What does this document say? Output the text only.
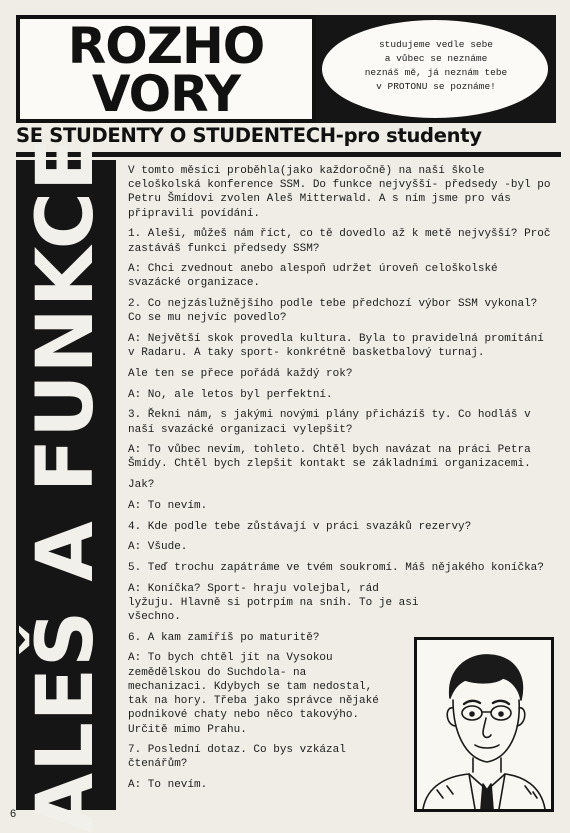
ROZHO
VORY
studujeme vedle sebe
a vůbec se neznáme
neznáš mě, já neznám tebe
v PROTONU se poznáme!
SE STUDENTY O STUDENTECH-pro studenty
ALEŠ A FUNKCE V tomto měsíci proběhla(jako každoročně) na naší škole celoškolská konference SSM. Do funkce nejvyšší- předsedy -byl po Petru Šmídovi zvolen Aleš Mitterwald. A s ním jsme pro vás připravili povídání.

1. Aleši, můžeš nám říct, co tě dovedlo až k metě nejvyšší? Proč zastáváš funkci předsedy SSM?

A: Chci zvednout anebo alespoň udržet úroveň celoškolské svazácké organizace.

2. Co nejzáslužnějšího podle tebe předchozí výbor SSM vykonal? Co se mu nejvíc povedlo?

A: Největší skok provedla kultura. Byla to pravidelná promítání v Radaru. A taky sport- konkrétně basketbalový turnaj.

Ale ten se přece pořádá každý rok?

A: No, ale letos byl perfektní.

3. Řekni nám, s jakými novými plány přicházíš ty. Co hodláš v naší svazácké organizaci vylepšit?

A: To vůbec nevím, tohleto. Chtěl bych navázat na práci Petra Šmídy. Chtěl bych zlepšit kontakt se základními organizacemi.

Jak?

A: To nevím.

4. Kde podle tebe zůstávají v práci svazáků rezervy?

A: Všude.

5. Teď trochu zapátráme ve tvém soukromí. Máš nějakého koníčka?

A: Koníčka? Sport- hraju volejbal, rád lyžuju. Hlavně si potrpím na sníh. To je asi všechno.

6. A kam zamíříš po maturitě?

A: To bych chtěl jít na Vysokou zemědělskou do Suchdola- na mechanizaci. Kdybych se tam nedostal, tak na hory. Třeba jako správce nějaké podnikové chaty nebo něco takovýho. Určitě mimo Prahu.

7. Poslední dotaz. Co bys vzkázal čtenářům?

A: To nevím.

6
